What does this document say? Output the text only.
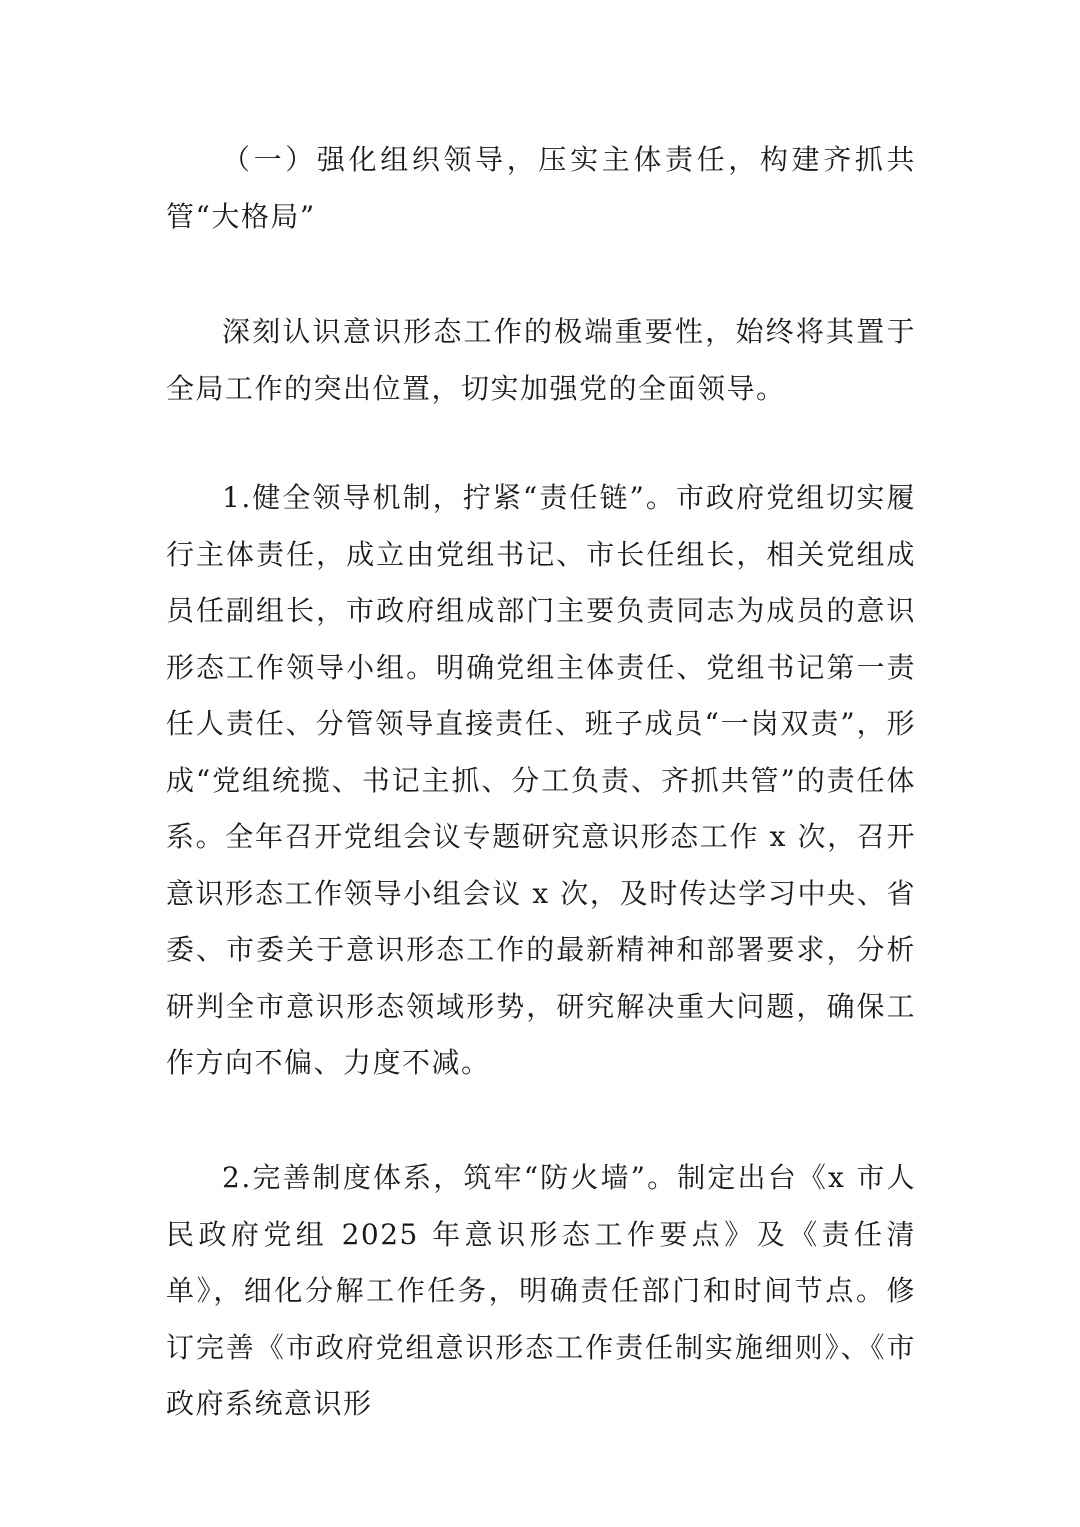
（一）强化组织领导，压实主体责任，构建齐抓共管“大格局”

深刻认识意识形态工作的极端重要性，始终将其置于全局工作的突出位置，切实加强党的全面领导。

1.健全领导机制，拧紧“责任链”。市政府党组切实履行主体责任，成立由党组书记、市长任组长，相关党组成员任副组长，市政府组成部门主要负责同志为成员的意识形态工作领导小组。明确党组主体责任、党组书记第一责任人责任、分管领导直接责任、班子成员“一岗双责”，形成“党组统揽、书记主抓、分工负责、齐抓共管”的责任体系。全年召开党组会议专题研究意识形态工作 x 次，召开意识形态工作领导小组会议 x 次，及时传达学习中央、省委、市委关于意识形态工作的最新精神和部署要求，分析研判全市意识形态领域形势，研究解决重大问题，确保工作方向不偏、力度不减。

2.完善制度体系，筑牢“防火墙”。制定出台《x 市人民政府党组 2025 年意识形态工作要点》及《责任清单》，细化分解工作任务，明确责任部门和时间节点。修订完善《市政府党组意识形态工作责任制实施细则》、《市政府系统意识形
